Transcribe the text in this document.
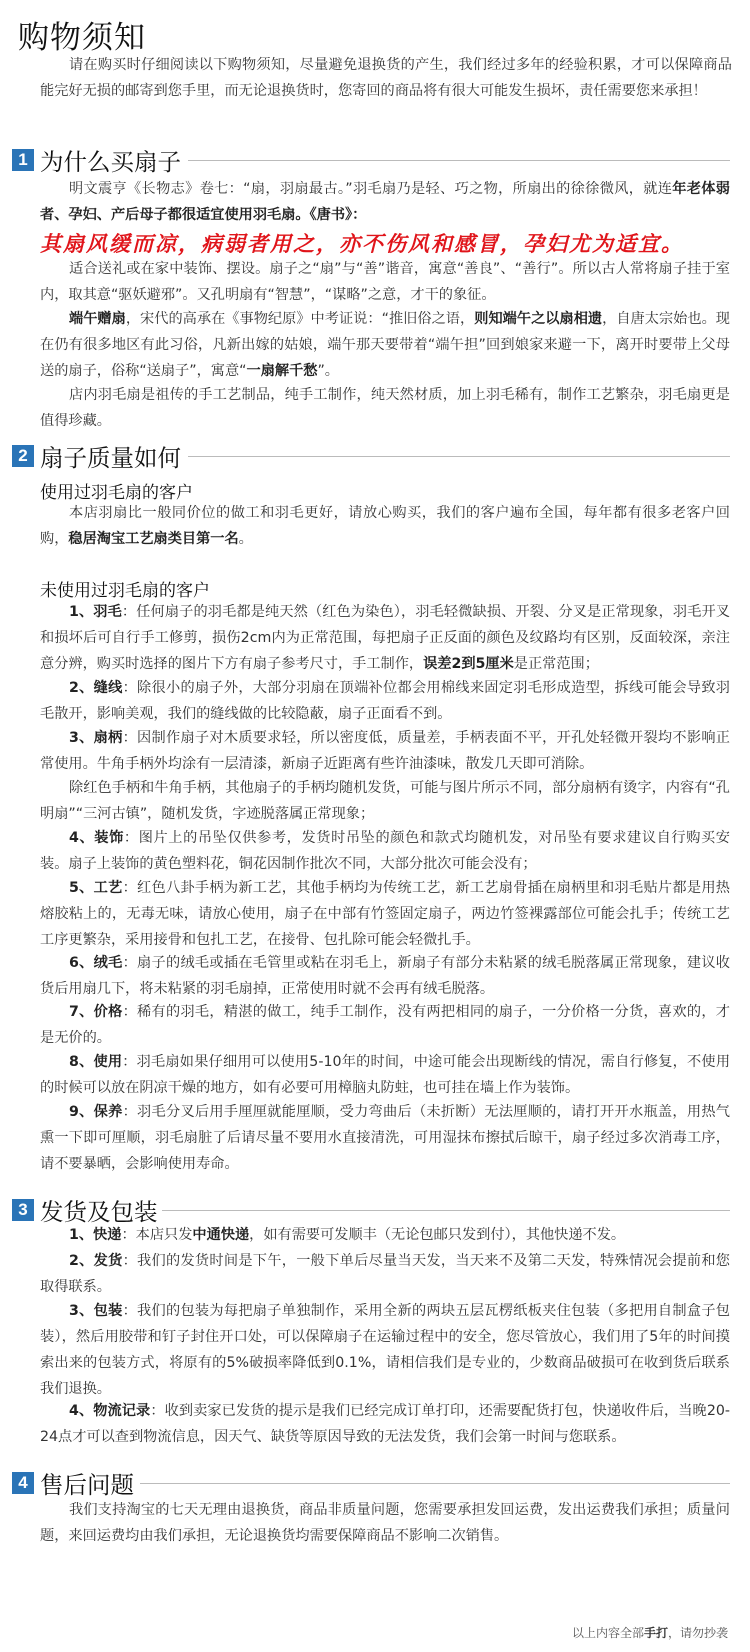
购物须知

请在购买时仔细阅读以下购物须知，尽量避免退换货的产生，我们经过多年的经验积累，才可以保障商品能完好无损的邮寄到您手里，而无论退换货时，您寄回的商品将有很大可能发生损坏，责任需要您来承担！

1 为什么买扇子

明文震亨《长物志》卷七：“扇，羽扇最古。”羽毛扇乃是轻、巧之物，所扇出的徐徐微风，就连年老体弱者、孕妇、产后母子都很适宜使用羽毛扇。《唐书》：

其扇风缓而凉，病弱者用之，亦不伤风和感冒，孕妇尤为适宜。

适合送礼或在家中装饰、摆设。扇子之“扇”与“善”谐音，寓意“善良”、“善行”。所以古人常将扇子挂于室内，取其意“驱妖避邪”。又孔明扇有“智慧”，“谋略”之意，才干的象征。

端午赠扇，宋代的高承在《事物纪原》中考证说：“推旧俗之语，则知端午之以扇相遗，自唐太宗始也。现在仍有很多地区有此习俗，凡新出嫁的姑娘，端午那天要带着“端午担”回到娘家来避一下，离开时要带上父母送的扇子，俗称“送扇子”，寓意“一扇解千愁”。

店内羽毛扇是祖传的手工艺制品，纯手工制作，纯天然材质，加上羽毛稀有，制作工艺繁杂，羽毛扇更是值得珍藏。

2 扇子质量如何
使用过羽毛扇的客户

本店羽扇比一般同价位的做工和羽毛更好，请放心购买，我们的客户遍布全国，每年都有很多老客户回购，稳居淘宝工艺扇类目第一名。

未使用过羽毛扇的客户

1、羽毛：任何扇子的羽毛都是纯天然（红色为染色），羽毛轻微缺损、开裂、分叉是正常现象，羽毛开叉和损坏后可自行手工修剪，损伤2cm内为正常范围，每把扇子正反面的颜色及纹路均有区别，反面较深，亲注意分辨，购买时选择的图片下方有扇子参考尺寸，手工制作，误差2到5厘米是正常范围；

2、缝线：除很小的扇子外，大部分羽扇在顶端补位都会用棉线来固定羽毛形成造型，拆线可能会导致羽毛散开，影响美观，我们的缝线做的比较隐蔽，扇子正面看不到。

3、扇柄：因制作扇子对木质要求轻，所以密度低，质量差，手柄表面不平，开孔处轻微开裂均不影响正常使用。牛角手柄外均涂有一层清漆，新扇子近距离有些许油漆味，散发几天即可消除。

除红色手柄和牛角手柄，其他扇子的手柄均随机发货，可能与图片所示不同，部分扇柄有烫字，内容有“孔明扇”“三河古镇”，随机发货，字迹脱落属正常现象；

4、装饰：图片上的吊坠仅供参考，发货时吊坠的颜色和款式均随机发，对吊坠有要求建议自行购买安装。扇子上装饰的黄色塑料花，铜花因制作批次不同，大部分批次可能会没有；

5、工艺：红色八卦手柄为新工艺，其他手柄均为传统工艺，新工艺扇骨插在扇柄里和羽毛贴片都是用热熔胶粘上的，无毒无味，请放心使用，扇子在中部有竹签固定扇子，两边竹签裸露部位可能会扎手；传统工艺工序更繁杂，采用接骨和包扎工艺，在接骨、包扎除可能会轻微扎手。

6、绒毛：扇子的绒毛或插在毛管里或粘在羽毛上，新扇子有部分未粘紧的绒毛脱落属正常现象，建议收货后用扇几下，将未粘紧的羽毛扇掉，正常使用时就不会再有绒毛脱落。

7、价格：稀有的羽毛，精湛的做工，纯手工制作，没有两把相同的扇子，一分价格一分货，喜欢的，才是无价的。

8、使用：羽毛扇如果仔细用可以使用5-10年的时间，中途可能会出现断线的情况，需自行修复，不使用的时候可以放在阴凉干燥的地方，如有必要可用樟脑丸防蛀，也可挂在墙上作为装饰。

9、保养：羽毛分叉后用手厘厘就能厘顺，受力弯曲后（未折断）无法厘顺的，请打开开水瓶盖，用热气熏一下即可厘顺，羽毛扇脏了后请尽量不要用水直接清洗，可用湿抹布擦拭后晾干，扇子经过多次消毒工序，请不要暴晒，会影响使用寿命。

3 发货及包装

1、快递：本店只发中通快递，如有需要可发顺丰（无论包邮只发到付），其他快递不发。

2、发货：我们的发货时间是下午，一般下单后尽量当天发，当天来不及第二天发，特殊情况会提前和您取得联系。

3、包装：我们的包装为每把扇子单独制作，采用全新的两块五层瓦楞纸板夹住包装（多把用自制盒子包装），然后用胶带和钉子封住开口处，可以保障扇子在运输过程中的安全，您尽管放心，我们用了5年的时间摸索出来的包装方式，将原有的5%破损率降低到0.1%，请相信我们是专业的，少数商品破损可在收到货后联系我们退换。

4、物流记录：收到卖家已发货的提示是我们已经完成订单打印，还需要配货打包，快递收件后，当晚20-24点才可以查到物流信息，因天气、缺货等原因导致的无法发货，我们会第一时间与您联系。

4 售后问题

我们支持淘宝的七天无理由退换货，商品非质量问题，您需要承担发回运费，发出运费我们承担；质量问题，来回运费均由我们承担，无论退换货均需要保障商品不影响二次销售。

以上内容全部手打，请勿抄袭
